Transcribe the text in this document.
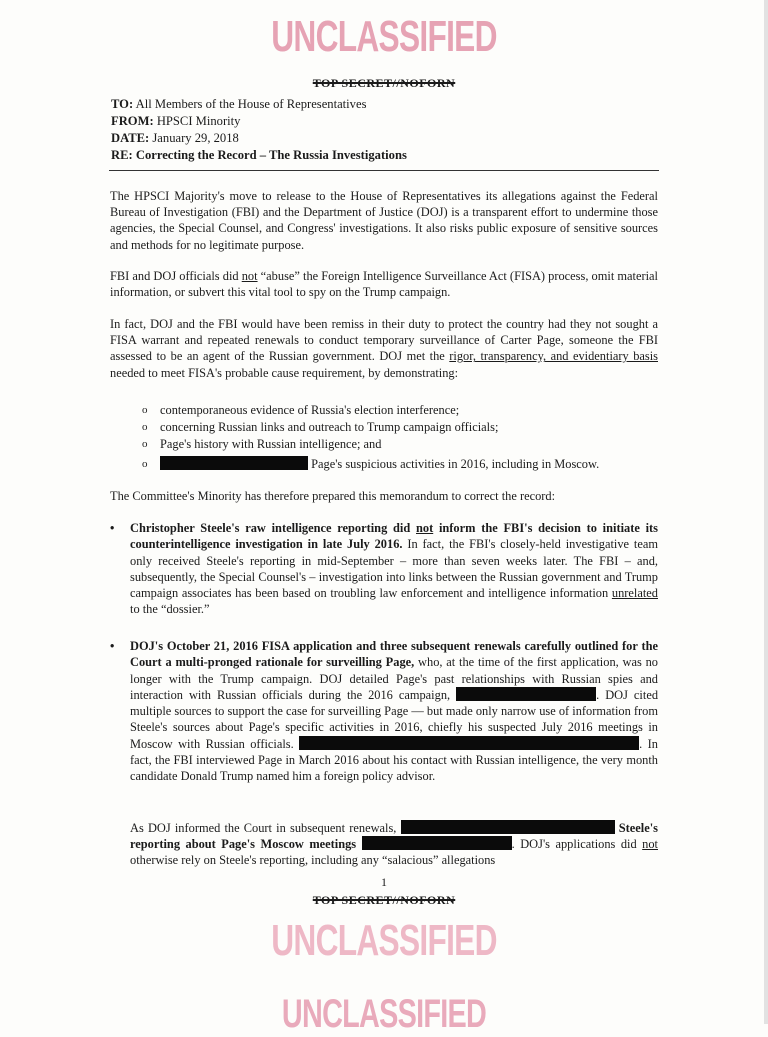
UNCLASSIFIED
TOP SECRET//NOFORN
TO: All Members of the House of Representatives
FROM: HPSCI Minority
DATE: January 29, 2018
RE: Correcting the Record – The Russia Investigations
The HPSCI Majority's move to release to the House of Representatives its allegations against the Federal Bureau of Investigation (FBI) and the Department of Justice (DOJ) is a transparent effort to undermine those agencies, the Special Counsel, and Congress' investigations. It also risks public exposure of sensitive sources and methods for no legitimate purpose.
FBI and DOJ officials did not “abuse” the Foreign Intelligence Surveillance Act (FISA) process, omit material information, or subvert this vital tool to spy on the Trump campaign.
In fact, DOJ and the FBI would have been remiss in their duty to protect the country had they not sought a FISA warrant and repeated renewals to conduct temporary surveillance of Carter Page, someone the FBI assessed to be an agent of the Russian government. DOJ met the rigor, transparency, and evidentiary basis needed to meet FISA's probable cause requirement, by demonstrating:
o contemporaneous evidence of Russia's election interference;
o concerning Russian links and outreach to Trump campaign officials;
o Page's history with Russian intelligence; and
o	Page's suspicious activities in 2016, including in Moscow.
The Committee's Minority has therefore prepared this memorandum to correct the record:
• Christopher Steele's raw intelligence reporting did not inform the FBI's decision to initiate its counterintelligence investigation in late July 2016. In fact, the FBI's closely-held investigative team only received Steele's reporting in mid-September – more than seven weeks later. The FBI – and, subsequently, the Special Counsel's – investigation into links between the Russian government and Trump campaign associates has been based on troubling law enforcement and intelligence information unrelated to the “dossier.”
• DOJ's October 21, 2016 FISA application and three subsequent renewals carefully outlined for the Court a multi-pronged rationale for surveilling Page, who, at the time of the first application, was no longer with the Trump campaign. DOJ detailed Page's past relationships with Russian spies and interaction with Russian officials during the 2016 campaign,	. DOJ cited multiple sources to support the case for surveilling Page — but made only narrow use of information from Steele's sources about Page's specific activities in 2016, chiefly his suspected July 2016 meetings in Moscow with Russian officials.	. In fact, the FBI interviewed Page in March 2016 about his contact with Russian intelligence, the very month candidate Donald Trump named him a foreign policy advisor.
As DOJ informed the Court in subsequent renewals,	Steele's reporting about Page's Moscow meetings	. DOJ's applications did not otherwise rely on Steele's reporting, including any “salacious” allegations
1
TOP SECRET//NOFORN
UNCLASSIFIED
UNCLASSIFIED
